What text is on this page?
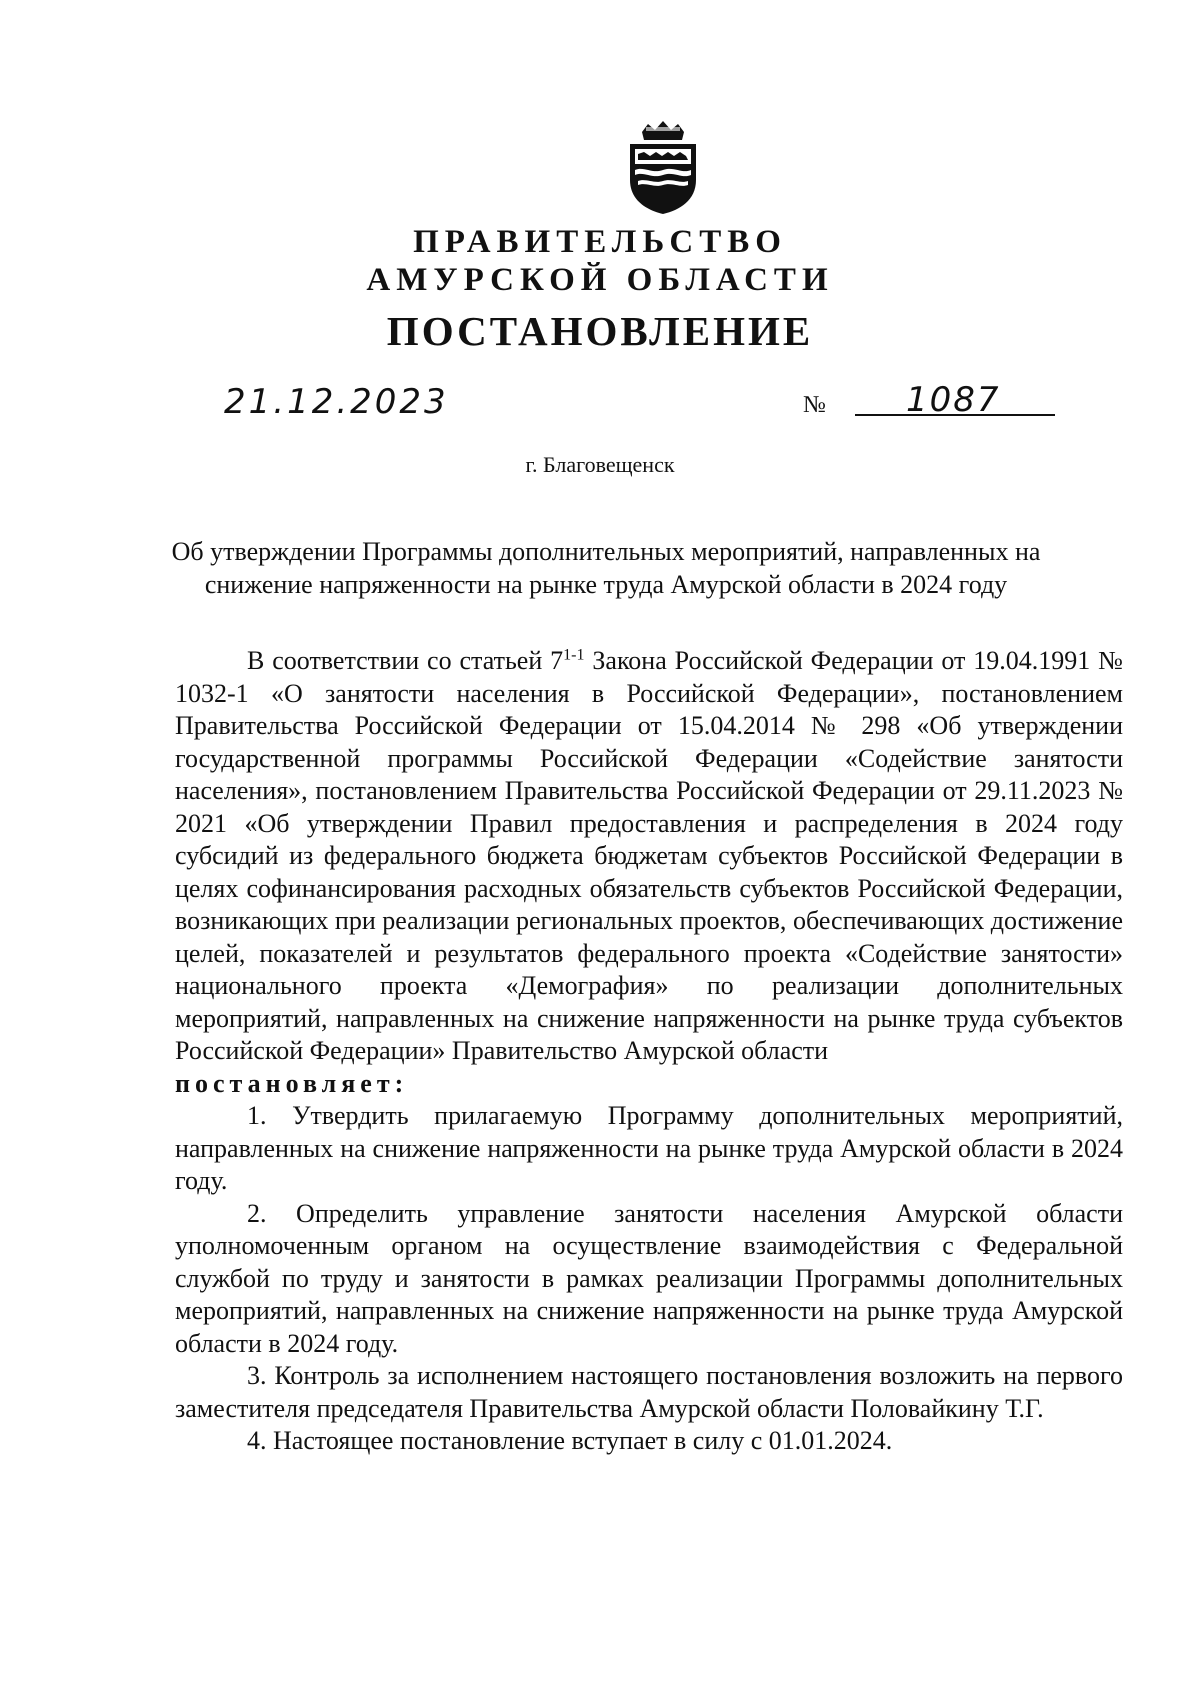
ПРАВИТЕЛЬСТВО
АМУРСКОЙ ОБЛАСТИ
ПОСТАНОВЛЕНИЕ
21.12.2023	№ 1087
г. Благовещенск
Об утверждении Программы дополнительных мероприятий, направленных на снижение напряженности на рынке труда Амурской области в 2024 году

В соответствии со статьей 7$^{1-1}$ Закона Российской Федерации от 19.04.1991 № 1032-1 «О занятости населения в Российской Федерации», постановлением Правительства Российской Федерации от 15.04.2014 № 298 «Об утверждении государственной программы Российской Федерации «Содействие занятости населения», постановлением Правительства Российской Федерации от 29.11.2023 № 2021 «Об утверждении Правил предоставления и распределения в 2024 году субсидий из федерального бюджета бюджетам субъектов Российской Федерации в целях софинансирования расходных обязательств субъектов Российской Федерации, возникающих при реализации региональных проектов, обеспечивающих достижение целей, показателей и результатов федерального проекта «Содействие занятости» национального проекта «Демография» по реализации дополнительных мероприятий, направленных на снижение напряженности на рынке труда субъектов Российской Федерации» Правительство Амурской области

постановляет:

1. Утвердить прилагаемую Программу дополнительных мероприятий, направленных на снижение напряженности на рынке труда Амурской области в 2024 году.

2. Определить управление занятости населения Амурской области уполномоченным органом на осуществление взаимодействия с Федеральной службой по труду и занятости в рамках реализации Программы дополнительных мероприятий, направленных на снижение напряженности на рынке труда Амурской области в 2024 году.

3. Контроль за исполнением настоящего постановления возложить на первого заместителя председателя Правительства Амурской области Половайкину Т.Г.

4. Настоящее постановление вступает в силу с 01.01.2024.
